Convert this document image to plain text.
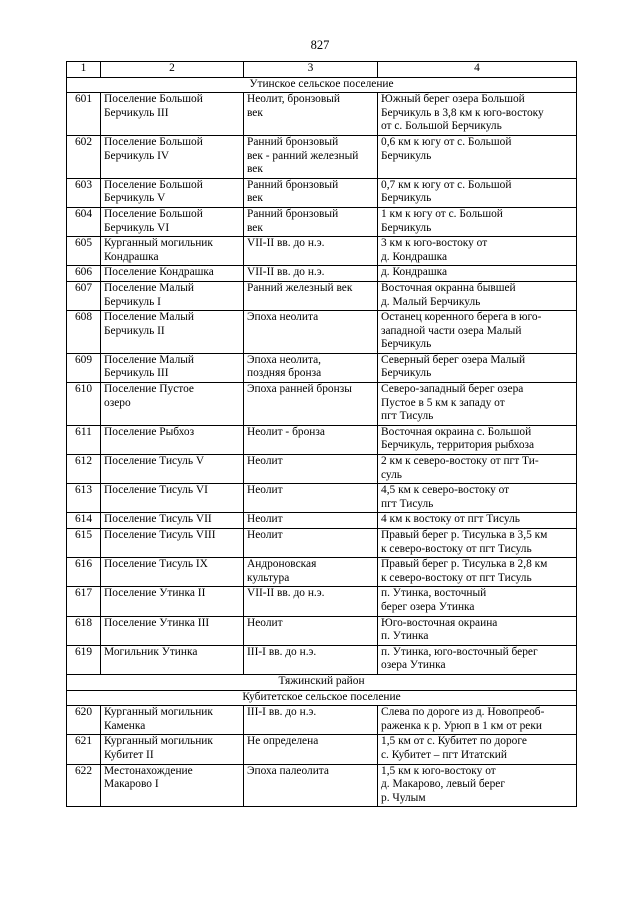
827
1	2	3	4
Утинское сельское поселение			
601	Поселение Большой
Берчикуль III	Неолит, бронзовый
век	Южный берег озера Большой
Берчикуль в 3,8 км к юго-востоку
от с. Большой Берчикуль

602	Поселение Большой
Берчикуль IV	Ранний бронзовый
век - ранний железный
век	0,6 км к югу от с. Большой
Берчикуль

603	Поселение Большой
Берчикуль V	Ранний бронзовый
век	0,7 км к югу от с. Большой
Берчикуль

604	Поселение Большой
Берчикуль VI	Ранний бронзовый
век	1 км к югу от с. Большой
Берчикуль

605	Курганный могильник
Кондрашка	VII-II вв. до н.э.	3 км к юго-востоку от
д. Кондрашка

606	Поселение Кондрашка	VII-II вв. до н.э.	д. Кондрашка

607	Поселение Малый
Берчикуль I	Ранний железный век	Восточная окранна бывшей
д. Малый Берчикуль

608	Поселение Малый
Берчикуль II	Эпоха неолита	Останец коренного берега в юго-
западной части озера Малый
Берчикуль

609	Поселение Малый
Берчикуль III	Эпоха неолита,
поздняя бронза	Северный берег озера Малый
Берчикуль

610	Поселение Пустое
озеро	Эпоха ранней бронзы	Северо-западный берег озера
Пустое в 5 км к западу от
пгт Тисуль

611	Поселение Рыбхоз	Неолит - бронза	Восточная окраина с. Большой
Берчикуль, территория рыбхоза

612	Поселение Тисуль V	Неолит	2 км к северо-востоку от пгт Ти-
суль

613	Поселение Тисуль VI	Неолит	4,5 км к северо-востоку от
пгт Тисуль

614	Поселение Тисуль VII	Неолит	4 км к востоку от пгт Тисуль

615	Поселение Тисуль VIII	Неолит	Правый берег р. Тисулька в 3,5 км
к северо-востоку от пгт Тисуль

616	Поселение Тисуль IX	Андроновская
культура	Правый берег р. Тисулька в 2,8 км
к северо-востоку от пгт Тисуль

617	Поселение Утинка II	VII-II вв. до н.э.	п. Утинка, восточный
берег озера Утинка

618	Поселение Утинка III	Неолит	Юго-восточная окраина
п. Утинка

619	Могильник Утинка	III-I вв. до н.э.	п. Утинка, юго-восточный берег
озера Утинка

Тяжинский район			
Кубитетское сельское поселение			
620	Курганный могильник
Каменка	III-I вв. до н.э.	Слева по дороге из д. Новопреоб-
раженка к р. Урюп в 1 км от реки

621	Курганный могильник
Кубитет II	Не определена	1,5 км от с. Кубитет по дороге
с. Кубитет – пгт Итатский

622	Местонахождение
Макарово I	Эпоха палеолита	1,5 км к юго-востоку от
д. Макарово, левый берег
р. Чулым
